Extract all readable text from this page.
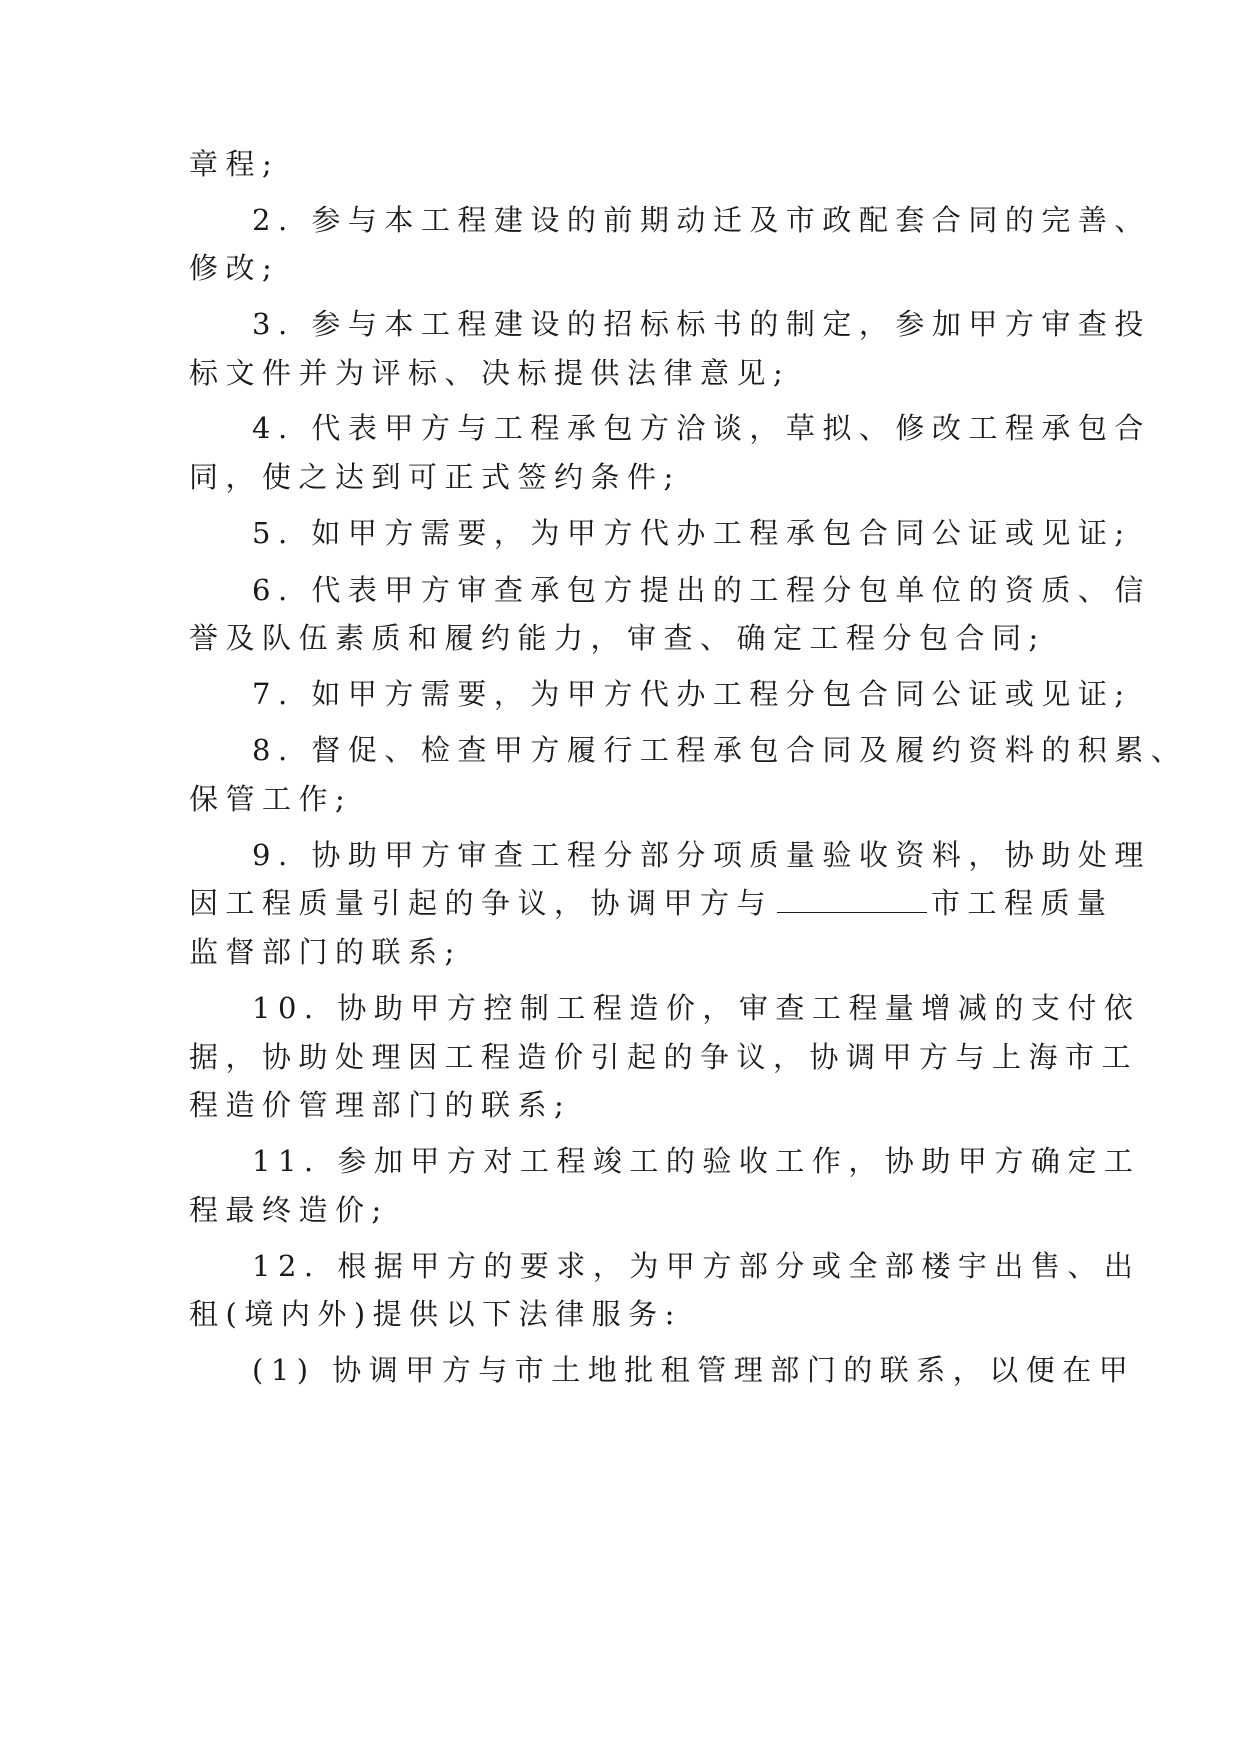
章程;
2. 参与本工程建设的前期动迁及市政配套合同的完善、
修改;
3. 参与本工程建设的招标标书的制定，参加甲方审查投
标文件并为评标、决标提供法律意见;
4. 代表甲方与工程承包方洽谈，草拟、修改工程承包合
同，使之达到可正式签约条件;
5. 如甲方需要，为甲方代办工程承包合同公证或见证;
6. 代表甲方审查承包方提出的工程分包单位的资质、信
誉及队伍素质和履约能力，审查、确定工程分包合同;
7. 如甲方需要，为甲方代办工程分包合同公证或见证;
8. 督促、检查甲方履行工程承包合同及履约资料的积累、
保管工作;
9. 协助甲方审查工程分部分项质量验收资料，协助处理
因工程质量引起的争议，协调甲方与	市工程质量
监督部门的联系;
10. 协助甲方控制工程造价，审查工程量增减的支付依
据，协助处理因工程造价引起的争议，协调甲方与上海市工
程造价管理部门的联系;
11. 参加甲方对工程竣工的验收工作，协助甲方确定工
程最终造价;
12. 根据甲方的要求，为甲方部分或全部楼宇出售、出
租(境内外)提供以下法律服务:
(1) 协调甲方与市土地批租管理部门的联系，以便在甲
